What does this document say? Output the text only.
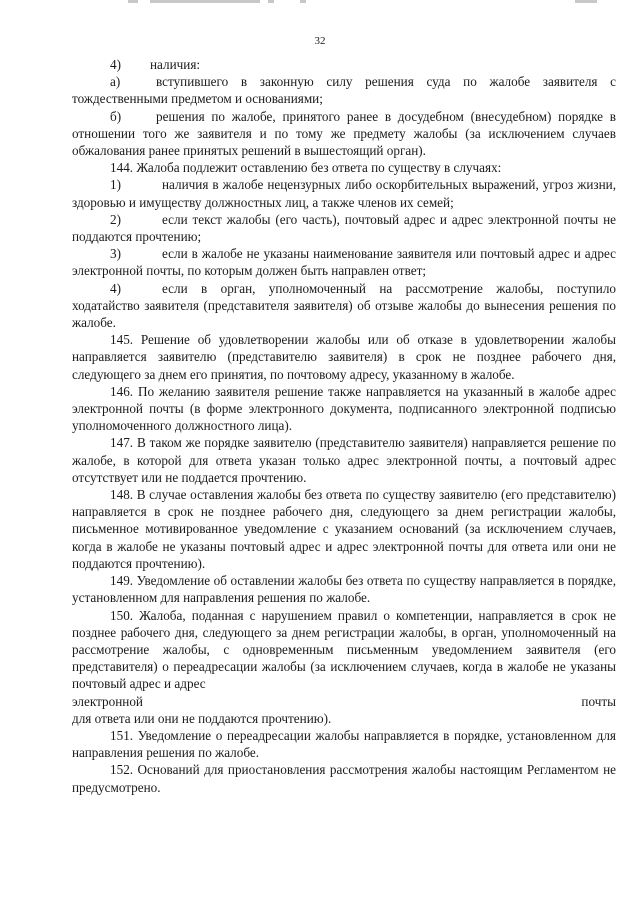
32

4) наличия:

а)	вступившего в законную силу решения суда по жалобе заявителя с тождественными предметом и основаниями;

б)	решения по жалобе, принятого ранее в досудебном (внесудебном) порядке в отношении того же заявителя и по тому же предмету жалобы (за исключением случаев обжалования ранее принятых решений в вышестоящий орган).

144. Жалоба подлежит оставлению без ответа по существу в случаях:

1)	наличия в жалобе нецензурных либо оскорбительных выражений, угроз жизни, здоровью и имуществу должностных лиц, а также членов их семей;

2)	если текст жалобы (его часть), почтовый адрес и адрес электронной почты не поддаются прочтению;

3)	если в жалобе не указаны наименование заявителя или почтовый адрес и адрес электронной почты, по которым должен быть направлен ответ;

4)	если в орган, уполномоченный на рассмотрение жалобы, поступило ходатайство заявителя (представителя заявителя) об отзыве жалобы до вынесения решения по жалобе.

145. Решение об удовлетворении жалобы или об отказе в удовлетворении жалобы направляется заявителю (представителю заявителя) в срок не позднее рабочего дня, следующего за днем его принятия, по почтовому адресу, указанному в жалобе.

146. По желанию заявителя решение также направляется на указанный в жалобе адрес электронной почты (в форме электронного документа, подписанного электронной подписью уполномоченного должностного лица).

147. В таком же порядке заявителю (представителю заявителя) направляется решение по жалобе, в которой для ответа указан только адрес электронной почты, а почтовый адрес отсутствует или не поддается прочтению.

148. В случае оставления жалобы без ответа по существу заявителю (его представителю) направляется в срок не позднее рабочего дня, следующего за днем регистрации жалобы, письменное мотивированное уведомление с указанием оснований (за исключением случаев, когда в жалобе не указаны почтовый адрес и адрес электронной почты для ответа или они не поддаются прочтению).

149. Уведомление об оставлении жалобы без ответа по существу направляется в порядке, установленном для направления решения по жалобе.

150. Жалоба, поданная с нарушением правил о компетенции, направляется в срок не позднее рабочего дня, следующего за днем регистрации жалобы, в орган, уполномоченный на рассмотрение жалобы, с одновременным письменным уведомлением заявителя (его представителя) о переадресации жалобы (за исключением случаев, когда в жалобе не указаны почтовый адрес и адрес

электронной	почты
для ответа или они не поддаются прочтению).

151. Уведомление о переадресации жалобы направляется в порядке, установленном для направления решения по жалобе.

152. Оснований для приостановления рассмотрения жалобы настоящим Регламентом не предусмотрено.
